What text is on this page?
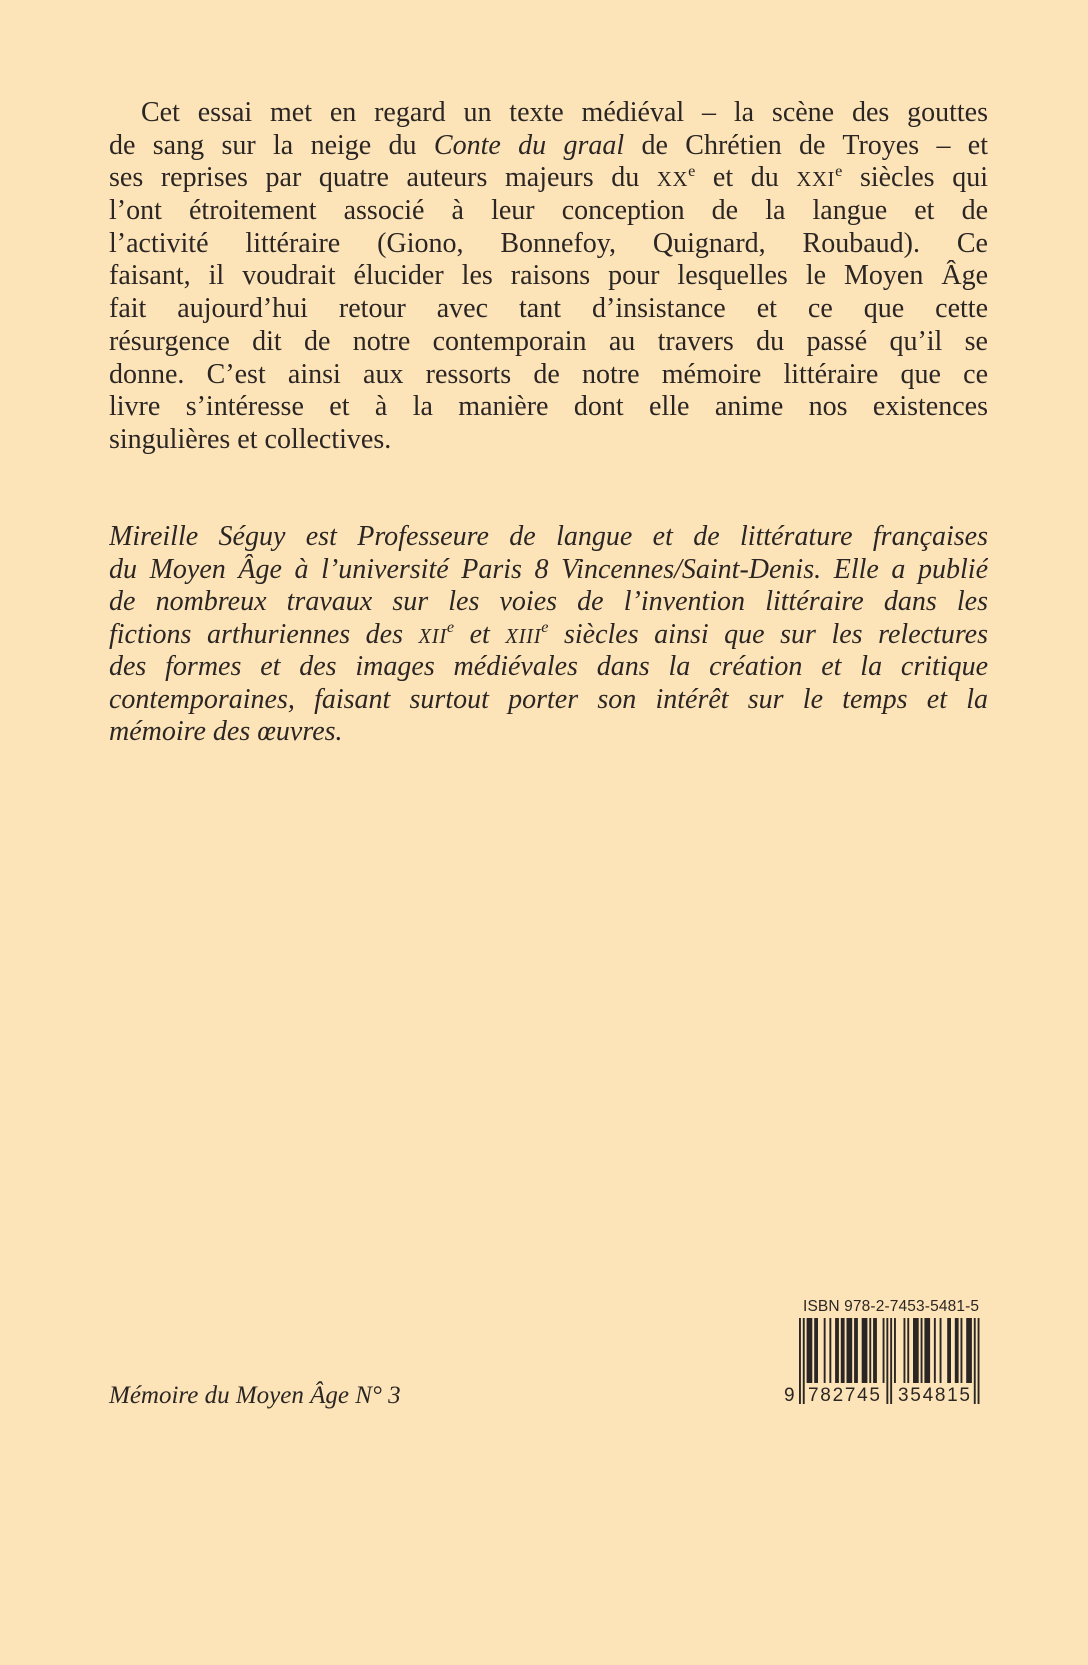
Cet essai met en regard un texte médiéval – la scène des gouttes
de sang sur la neige du Conte du graal de Chrétien de Troyes – et
ses reprises par quatre auteurs majeurs du XXe et du XXIe siècles qui
l’ont étroitement associé à leur conception de la langue et de
l’activité littéraire (Giono, Bonnefoy, Quignard, Roubaud). Ce
faisant, il voudrait élucider les raisons pour lesquelles le Moyen Âge
fait aujourd’hui retour avec tant d’insistance et ce que cette
résurgence dit de notre contemporain au travers du passé qu’il se
donne. C’est ainsi aux ressorts de notre mémoire littéraire que ce
livre s’intéresse et à la manière dont elle anime nos existences
singulières et collectives.
Mireille Séguy est Professeure de langue et de littérature françaises
du Moyen Âge à l’université Paris 8 Vincennes/Saint-Denis. Elle a publié
de nombreux travaux sur les voies de l’invention littéraire dans les
fictions arthuriennes des XIIe et XIIIe siècles ainsi que sur les relectures
des formes et des images médiévales dans la création et la critique
contemporaines, faisant surtout porter son intérêt sur le temps et la
mémoire des œuvres.
Mémoire du Moyen Âge N° 3
ISBN 978-2-7453-5481-5
9 782745 354815
